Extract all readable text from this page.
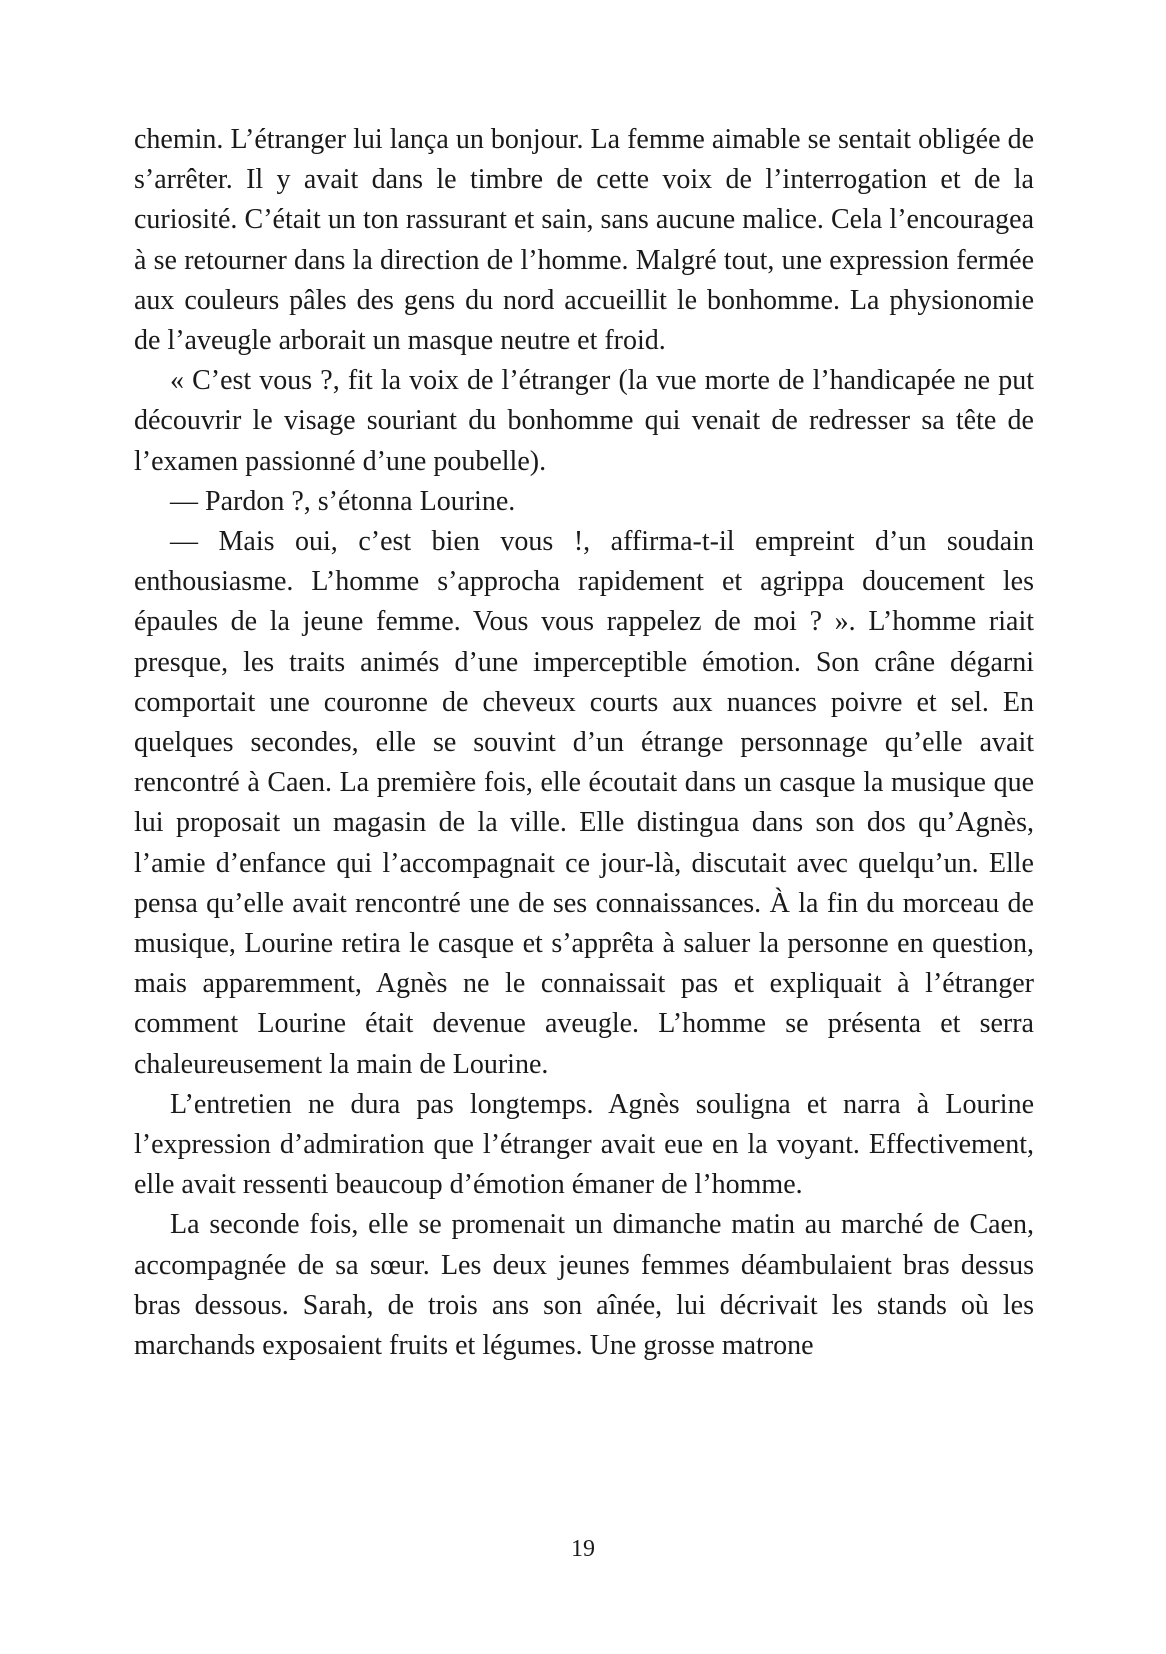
chemin. L’étranger lui lança un bonjour. La femme aimable se sentait obligée de s’arrêter. Il y avait dans le timbre de cette voix de l’interrogation et de la curiosité. C’était un ton rassurant et sain, sans aucune malice. Cela l’encouragea à se retourner dans la direction de l’homme. Malgré tout, une expression fermée aux couleurs pâles des gens du nord accueillit le bonhomme. La physionomie de l’aveugle arborait un masque neutre et froid.

« C’est vous ?, fit la voix de l’étranger (la vue morte de l’handicapée ne put découvrir le visage souriant du bonhomme qui venait de redresser sa tête de l’examen passionné d’une poubelle).

— Pardon ?, s’étonna Lourine.

— Mais oui, c’est bien vous !, affirma-t-il empreint d’un soudain enthousiasme. L’homme s’approcha rapidement et agrippa doucement les épaules de la jeune femme. Vous vous rappelez de moi ? ». L’homme riait presque, les traits animés d’une imperceptible émotion. Son crâne dégarni comportait une couronne de cheveux courts aux nuances poivre et sel. En quelques secondes, elle se souvint d’un étrange personnage qu’elle avait rencontré à Caen. La première fois, elle écoutait dans un casque la musique que lui proposait un magasin de la ville. Elle distingua dans son dos qu’Agnès, l’amie d’enfance qui l’accompagnait ce jour-là, discutait avec quelqu’un. Elle pensa qu’elle avait rencontré une de ses connaissances. À la fin du morceau de musique, Lourine retira le casque et s’apprêta à saluer la personne en question, mais apparemment, Agnès ne le connaissait pas et expliquait à l’étranger comment Lourine était devenue aveugle. L’homme se présenta et serra chaleureusement la main de Lourine.

L’entretien ne dura pas longtemps. Agnès souligna et narra à Lourine l’expression d’admiration que l’étranger avait eue en la voyant. Effectivement, elle avait ressenti beaucoup d’émotion émaner de l’homme.

La seconde fois, elle se promenait un dimanche matin au marché de Caen, accompagnée de sa sœur. Les deux jeunes femmes déambulaient bras dessus bras dessous. Sarah, de trois ans son aînée, lui décrivait les stands où les marchands exposaient fruits et légumes. Une grosse matrone

19
